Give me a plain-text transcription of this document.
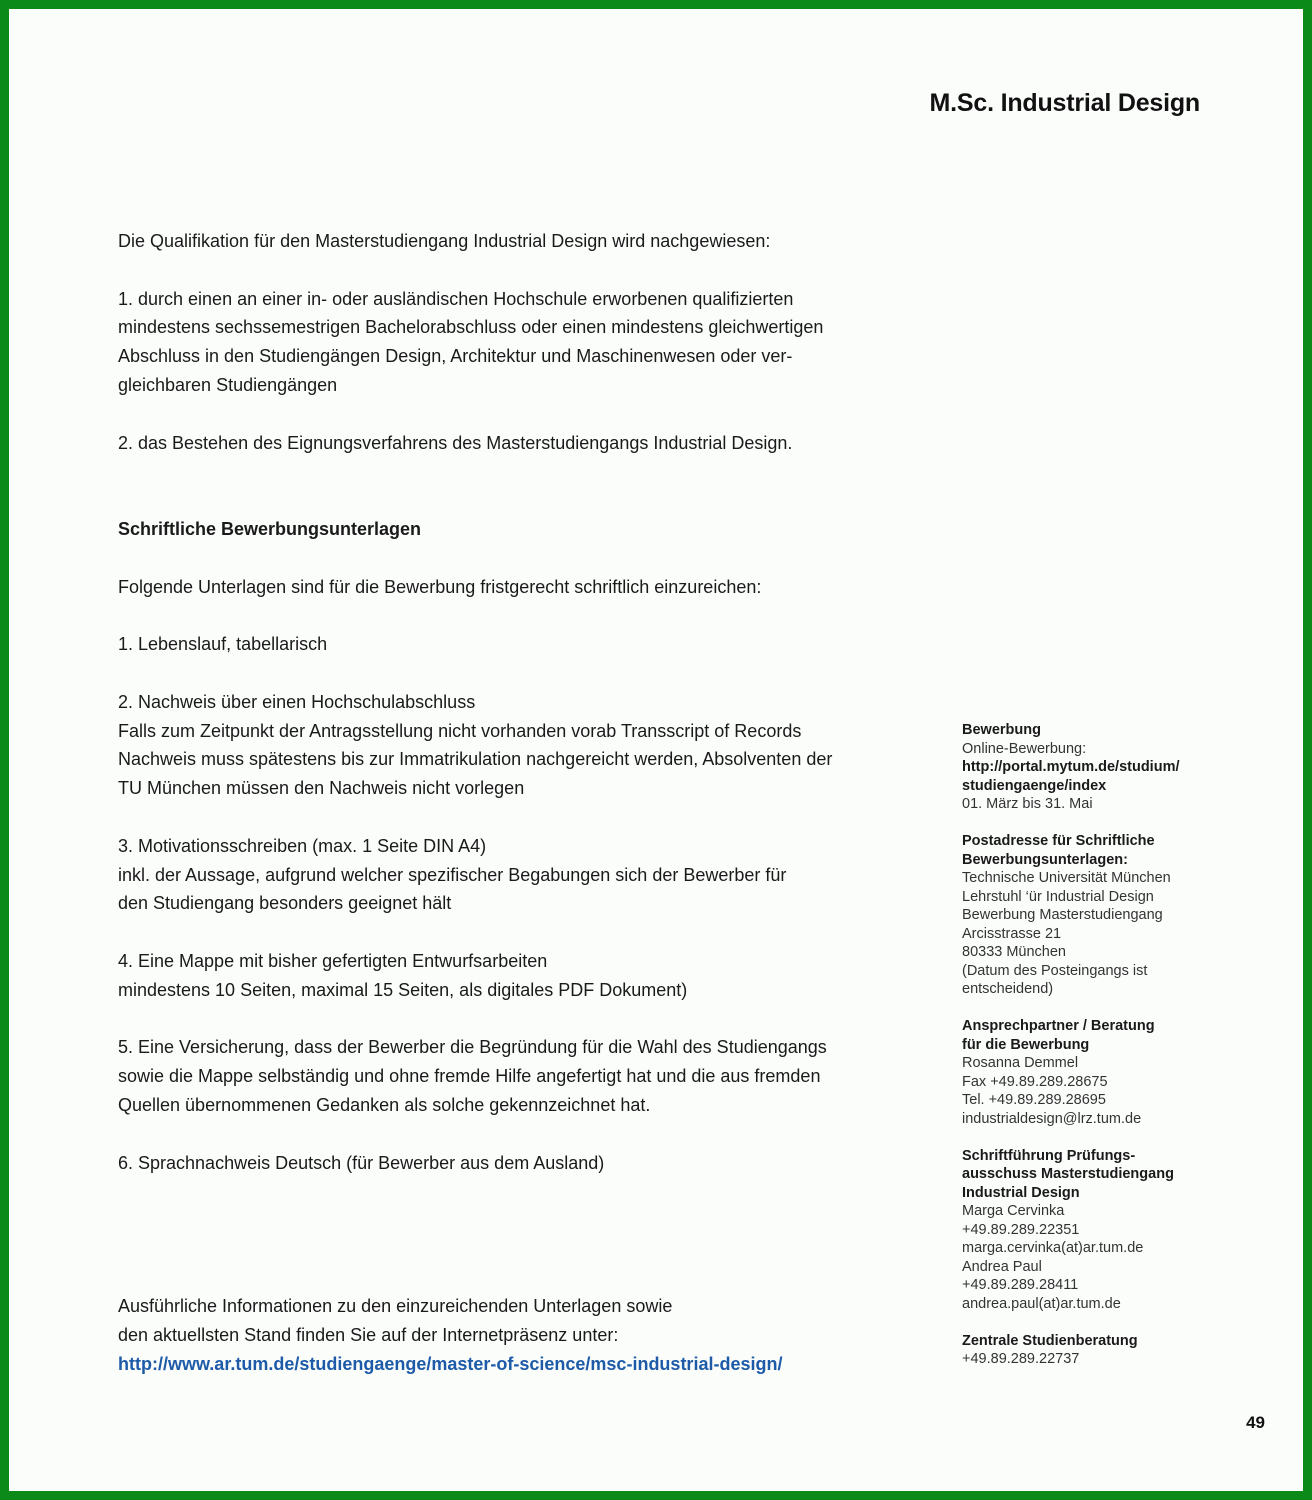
M.Sc. Industrial Design

Die Qualifikation für den Masterstudiengang Industrial Design wird nachgewiesen:

1. durch einen an einer in- oder ausländischen Hochschule erworbenen qualifizierten

mindestens sechssemestrigen Bachelorabschluss oder einen mindestens gleichwertigen

Abschluss in den Studiengängen Design, Architektur und Maschinenwesen oder ver-

gleichbaren Studiengängen

2. das Bestehen des Eignungsverfahrens des Masterstudiengangs Industrial Design.

Schriftliche Bewerbungsunterlagen

Folgende Unterlagen sind für die Bewerbung fristgerecht schriftlich einzureichen:

1. Lebenslauf, tabellarisch

2. Nachweis über einen Hochschulabschluss

Falls zum Zeitpunkt der Antragsstellung nicht vorhanden vorab Transscript of Records

Nachweis muss spätestens bis zur Immatrikulation nachgereicht werden, Absolventen der

TU München müssen den Nachweis nicht vorlegen

3. Motivationsschreiben (max. 1 Seite DIN A4)

inkl. der Aussage, aufgrund welcher spezifischer Begabungen sich der Bewerber für

den Studiengang besonders geeignet hält

4. Eine Mappe mit bisher gefertigten Entwurfsarbeiten

mindestens 10 Seiten, maximal 15 Seiten, als digitales PDF Dokument)

5. Eine Versicherung, dass der Bewerber die Begründung für die Wahl des Studiengangs

sowie die Mappe selbständig und ohne fremde Hilfe angefertigt hat und die aus fremden

Quellen übernommenen Gedanken als solche gekennzeichnet hat.

6. Sprachnachweis Deutsch (für Bewerber aus dem Ausland)

Ausführliche Informationen zu den einzureichenden Unterlagen sowie

den aktuellsten Stand finden Sie auf der Internetpräsenz unter:

http://www.ar.tum.de/studiengaenge/master-of-science/msc-industrial-design/

Bewerbung
Online-Bewerbung:
http://portal.mytum.de/studium/
studiengaenge/index
01. März bis 31. Mai
Postadresse für Schriftliche
Bewerbungsunterlagen:
Technische Universität München
Lehrstuhl ‘ür Industrial Design
Bewerbung Masterstudiengang
Arcisstrasse 21
80333 München
(Datum des Posteingangs ist
entscheidend)
Ansprechpartner / Beratung
für die Bewerbung
Rosanna Demmel
Fax +49.89.289.28675
Tel. +49.89.289.28695
industrialdesign@lrz.tum.de
Schriftführung Prüfungs-
ausschuss Masterstudiengang
Industrial Design
Marga Cervinka
+49.89.289.22351
marga.cervinka(at)ar.tum.de
Andrea Paul
+49.89.289.28411
andrea.paul(at)ar.tum.de
Zentrale Studienberatung
+49.89.289.22737
49
